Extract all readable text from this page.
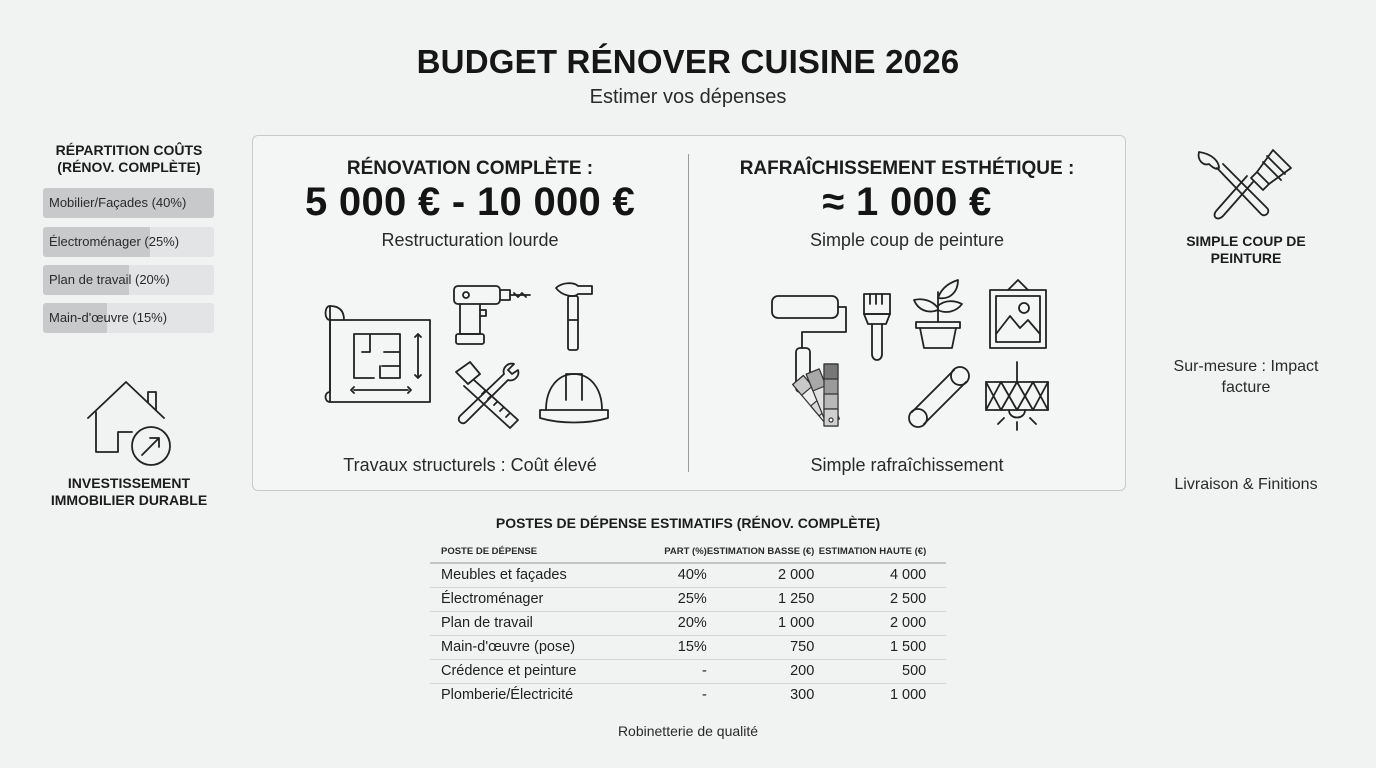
BUDGET RÉNOVER CUISINE 2026
Estimer vos dépenses
RÉPARTITION COÛTS (RÉNOV. COMPLÈTE)
Mobilier/Façades (40%)
Électroménager (25%)
Plan de travail (20%)
Main-d'œuvre (15%)
INVESTISSEMENT IMMOBILIER DURABLE
RÉNOVATION COMPLÈTE :
5 000 € - 10 000 €
Restructuration lourde
Travaux structurels : Coût élevé
RAFRAÎCHISSEMENT ESTHÉTIQUE :
≈ 1 000 €
Simple coup de peinture
Simple rafraîchissement
SIMPLE COUP DE PEINTURE
Sur-mesure : Impact facture
Livraison & Finitions
POSTES DE DÉPENSE ESTIMATIFS (RÉNOV. COMPLÈTE)
POSTE DE DÉPENSE	PART (%)	ESTIMATION BASSE (€)	ESTIMATION HAUTE (€)	
Meubles et façades	40%	2 000	4 000	
Électroménager	25%	1 250	2 500	
Plan de travail	20%	1 000	2 000	
Main-d'œuvre (pose)	15%	750	1 500	
Crédence et peinture	-	200	500	
Plomberie/Électricité	-	300	1 000	
Robinetterie de qualité
